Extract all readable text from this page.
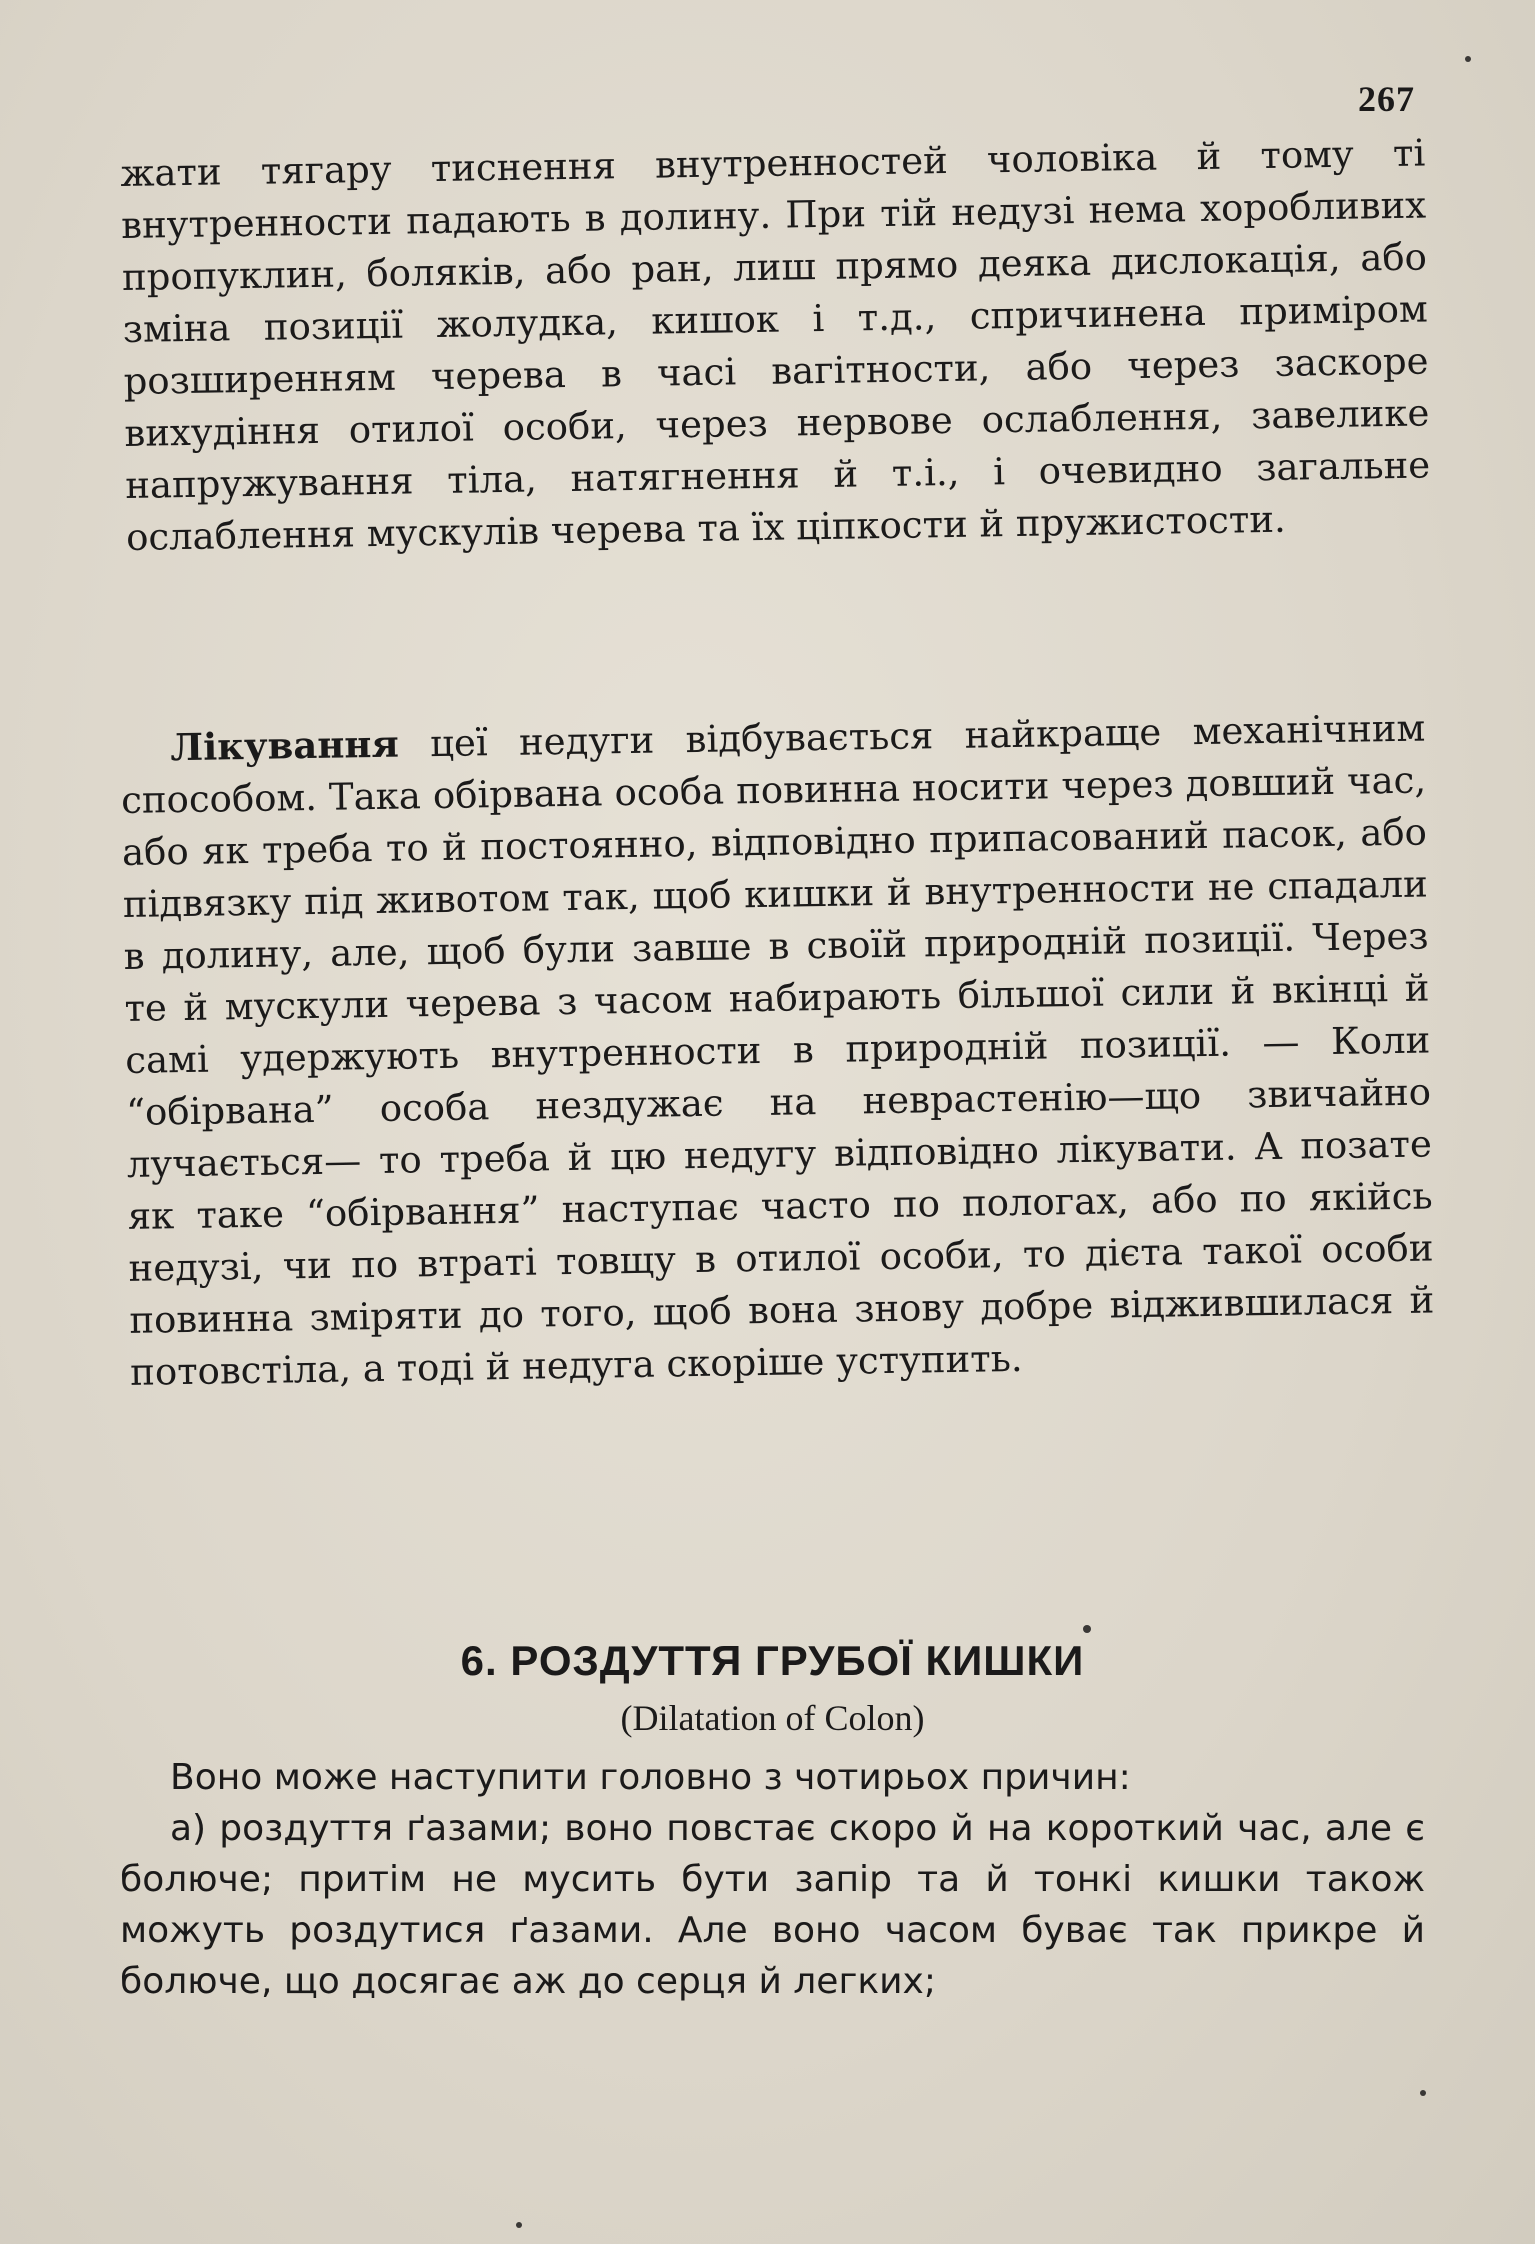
267

жати тягару тиснення внутренностей чоловіка й тому ті внутренности падають в долину. При тій недузі нема хоробливих пропуклин, боляків, або ран, лиш прямо деяка дислокація, або зміна позиції жолудка, кишок і т.д., спричинена приміром розширенням черева в часі вагітности, або через заскоре вихудіння отилої особи, через нервове ослаблення, завелике напружування тіла, натягнення й т.і., і очевидно загальне ослаблення мускулів черева та їх ціпкости й пружистости.

Лікування цеї недуги відбувається найкраще механічним способом. Така обірвана особа повинна носити через довший час, або як треба то й постоянно, відповідно припасований пасок, або підвязку під животом так, щоб кишки й внутренности не спадали в долину, але, щоб були завше в своїй природній позиції. Через те й мускули черева з часом набирають більшої сили й вкінці й самі удержують внутренности в природній позиції. — Коли “обірвана” особа нездужає на неврастенію—що звичайно лучається— то треба й цю недугу відповідно лікувати. А позате як таке “обірвання” наступає часто по пологах, або по якійсь недузі, чи по втраті товщу в отилої особи, то дієта такої особи повинна зміряти до того, щоб вона знову добре віджившилася й потовстіла, а тоді й недуга скоріше уступить.

6. РОЗДУТТЯ ГРУБОЇ КИШКИ
(Dilatation of Colon)

Воно може наступити головно з чотирьох причин:

а) роздуття ґазами; воно повстає скоро й на короткий час, але є болюче; притім не мусить бути запір та й тонкі кишки також можуть роздутися ґазами. Але воно часом буває так прикре й болюче, що досягає аж до серця й легких;
